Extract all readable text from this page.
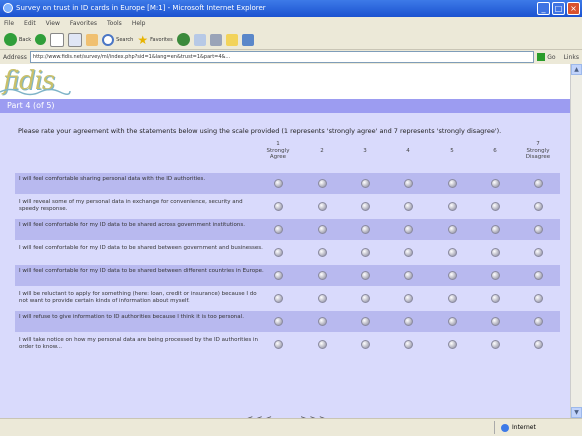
Survey on trust in ID cards in Europe [M:1] - Microsoft Internet Explorer	_	□ ×
File Edit View Favorites Tools Help
Back	Search ★ Favorites
Address	http://www.fidis.net/survey/ml/index.php?sid=1&lang=en&trust=1&part=4&...	Go Links
fidis
Part 4 (of 5)
Please rate your agreement with the statements below using the scale provided (1 represents 'strongly agree' and 7 represents 'strongly disagree').
1
Strongly
Agree
2	3	4	5	6
7
Strongly
Disagree
I will feel comfortable sharing personal data with the ID authorities.
I will reveal some of my personal data in exchange for convenience, security and speedy response.
I will feel comfortable for my ID data to be shared across government institutions.
I will feel comfortable for my ID data to be shared between government and businesses.
I will feel comfortable for my ID data to be shared between different countries in Europe.
I will be reluctant to apply for something (here: loan, credit or insurance) because I do not want to provide certain kinds of information about myself.
I will refuse to give information to ID authorities because I think it is too personal.
I will take notice on how my personal data are being processed by the ID authorities in order to know...
▲
▼
Internet
